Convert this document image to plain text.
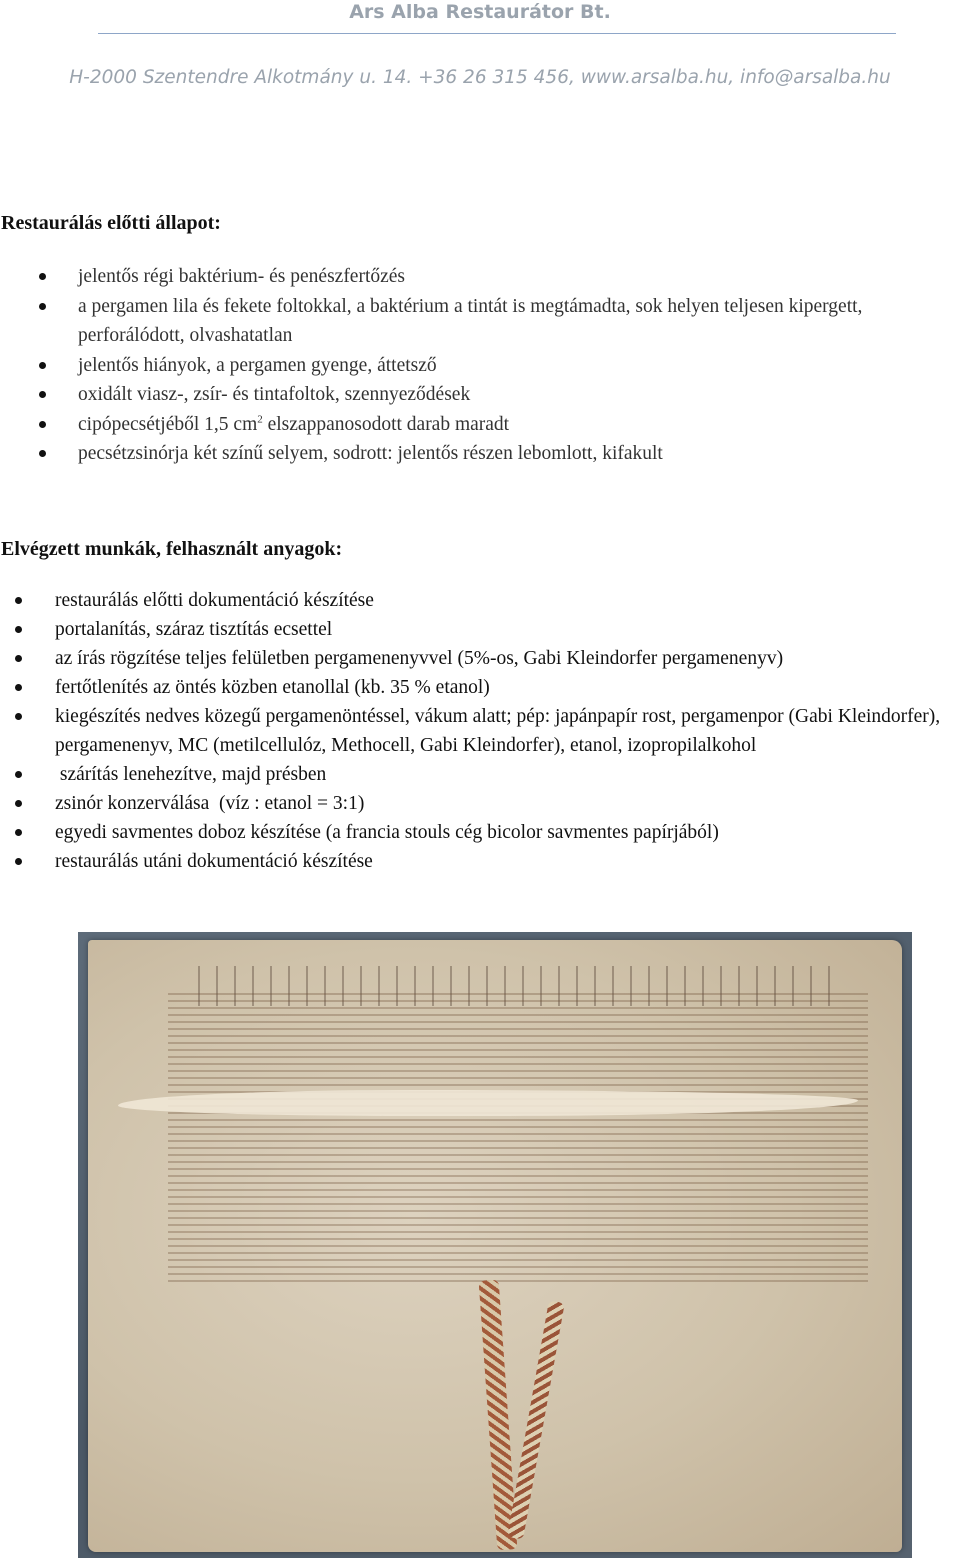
Ars Alba Restaurátor Bt.
H-2000 Szentendre Alkotmány u. 14. +36 26 315 456, www.arsalba.hu, info@arsalba.hu
Restaurálás előtti állapot:
jelentős régi baktérium- és penészfertőzés
a pergamen lila és fekete foltokkal, a baktérium a tintát is megtámadta, sok helyen teljesen kipergett, perforálódott, olvashatatlan
jelentős hiányok, a pergamen gyenge, áttetsző
oxidált viasz-, zsír- és tintafoltok, szennyeződések
cipópecsétjéből 1,5 $cm^2$ elszappanosodott darab maradt
pecsétzsinórja két színű selyem, sodrott: jelentős részen lebomlott, kifakult
Elvégzett munkák, felhasznált anyagok:
restaurálás előtti dokumentáció készítése
portalanítás, száraz tisztítás ecsettel
az írás rögzítése teljes felületben pergamenenyvvel (5%-os, Gabi Kleindorfer pergamenenyv)
fertőtlenítés az öntés közben etanollal (kb. 35 % etanol)
kiegészítés nedves közegű pergamenöntéssel, vákum alatt; pép: japánpapír rost, pergamenpor (Gabi Kleindorfer), pergamenenyv, MC (metilcellulóz, Methocell, Gabi Kleindorfer), etanol, izopropilalkohol
szárítás lenehezítve, majd présben
zsinór konzerválása  (víz : etanol = 3:1)
egyedi savmentes doboz készítése (a francia stouls cég bicolor savmentes papírjából)
restaurálás utáni dokumentáció készítése
